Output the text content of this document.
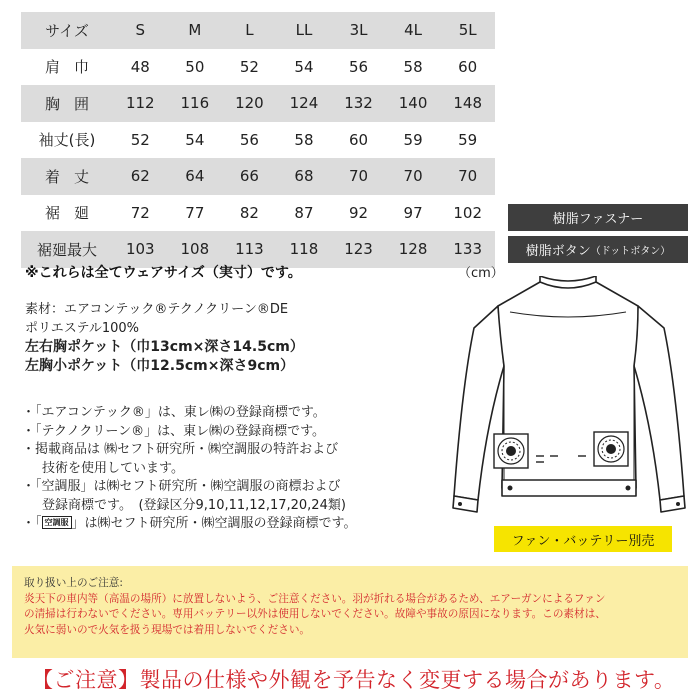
サイズ	S	M	L	LL	3L	4L	5L
肩巾	48	50	52	54	56	58	60
胸囲	112	116	120	124	132	140	148
袖丈(長)	52	54	56	58	60	59	59
着丈	62	64	66	68	70	70	70
裾廻	72	77	82	87	92	97	102
裾廻最大	103	108	113	118	123	128	133
※これらは全てウェアサイズ（実寸）です。	（cm）
樹脂ファスナー
樹脂ボタン （ドットボタン）
素材：エアコンテック®テクノクリーン®DE
ポリエステル100%
左右胸ポケット（巾13cm×深さ14.5cm）
左胸小ポケット（巾12.5cm×深さ9cm）
・「エアコンテック®」は、東レ㈱の登録商標です。
・「テクノクリーン®」は、東レ㈱の登録商標です。
・掲載商品は ㈱セフト研究所・㈱空調服の特許および
技術を使用しています。
・「空調服」は㈱セフト研究所・㈱空調服の商標および
登録商標です。　(登録区分9,10,11,12,17,20,24類)
・「 空調服 」は㈱セフト研究所・㈱空調服の登録商標です。
ファン・バッテリー別売
取り扱い上のご注意:
炎天下の車内等（高温の場所）に放置しないよう、ご注意ください。羽が折れる場合があるため、エアーガンによるファン
の清掃は行わないでください。専用バッテリー以外は使用しないでください。故障や事故の原因になります。この素材は、
火気に弱いので火気を扱う現場では着用しないでください。
【ご注意】製品の仕様や外観を予告なく変更する場合があります。
